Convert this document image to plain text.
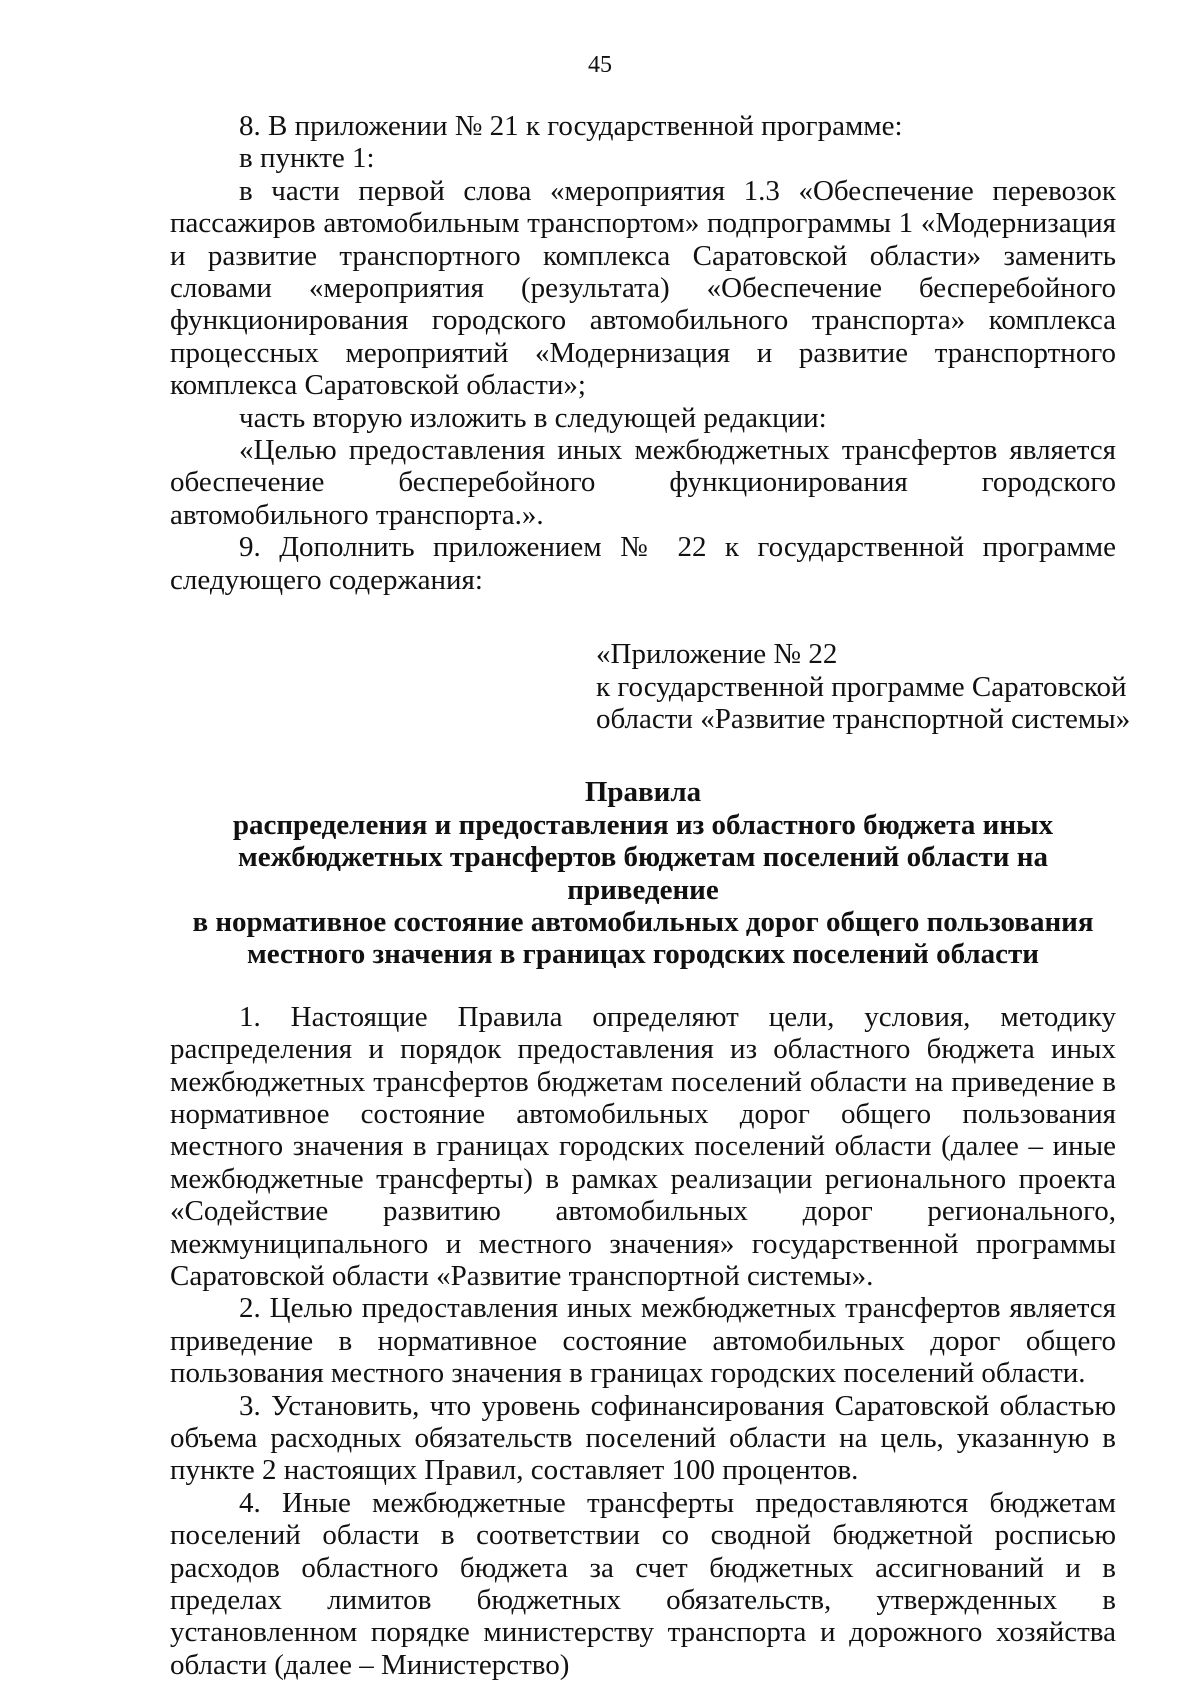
45

8. В приложении № 21 к государственной программе:

в пункте 1:

в части первой слова «мероприятия 1.3 «Обеспечение перевозок пассажиров автомобильным транспортом» подпрограммы 1 «Модернизация и развитие транспортного комплекса Саратовской области» заменить словами «мероприятия (результата) «Обеспечение бесперебойного функционирования городского автомобильного транспорта» комплекса процессных мероприятий «Модернизация и развитие транспортного комплекса Саратовской области»;

часть вторую изложить в следующей редакции:

«Целью предоставления иных межбюджетных трансфертов является обеспечение бесперебойного функционирования городского автомобильного транспорта.».

9. Дополнить приложением № 22 к государственной программе следующего содержания:

«Приложение № 22
к государственной программе Саратовской
области «Развитие транспортной системы»
Правила
распределения и предоставления из областного бюджета иных
межбюджетных трансфертов бюджетам поселений области на приведение
в нормативное состояние автомобильных дорог общего пользования
местного значения в границах городских поселений области

1. Настоящие Правила определяют цели, условия, методику распределения и порядок предоставления из областного бюджета иных межбюджетных трансфертов бюджетам поселений области на приведение в нормативное состояние автомобильных дорог общего пользования местного значения в границах городских поселений области (далее – иные межбюджетные трансферты) в рамках реализации регионального проекта «Содействие развитию автомобильных дорог регионального, межмуниципального и местного значения» государственной программы Саратовской области «Развитие транспортной системы».

2. Целью предоставления иных межбюджетных трансфертов является приведение в нормативное состояние автомобильных дорог общего пользования местного значения в границах городских поселений области.

3. Установить, что уровень софинансирования Саратовской областью объема расходных обязательств поселений области на цель, указанную в пункте 2 настоящих Правил, составляет 100 процентов.

4. Иные межбюджетные трансферты предоставляются бюджетам поселений области в соответствии со сводной бюджетной росписью расходов областного бюджета за счет бюджетных ассигнований и в пределах лимитов бюджетных обязательств, утвержденных в установленном порядке министерству транспорта и дорожного хозяйства области (далее – Министерство)
